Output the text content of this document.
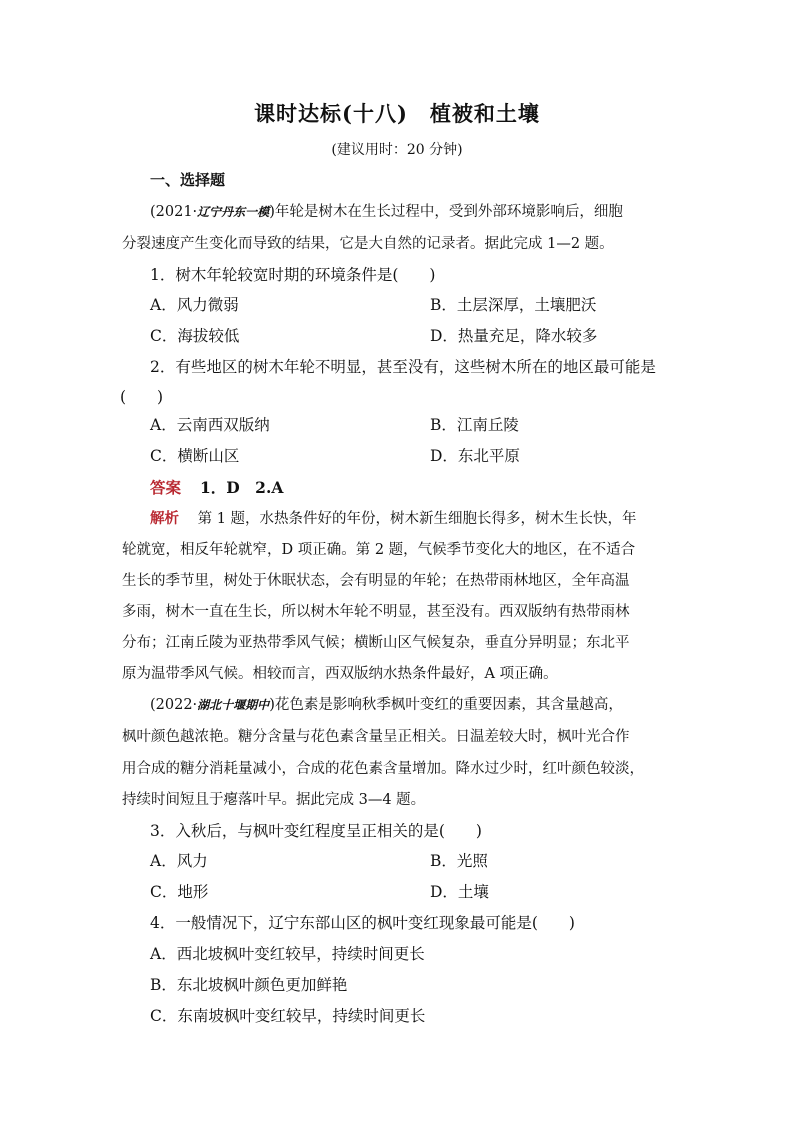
课时达标(十八)　植被和土壤
(建议用时：20 分钟)
一、选择题
(2021·辽宁丹东一模)年轮是树木在生长过程中，受到外部环境影响后，细胞
分裂速度产生变化而导致的结果，它是大自然的记录者。据此完成 1—2 题。
1．树木年轮较宽时期的环境条件是(　　)
A．风力微弱	B．土层深厚，土壤肥沃
C．海拔较低	D．热量充足，降水较多
2．有些地区的树木年轮不明显，甚至没有，这些树木所在的地区最可能是
(　　)
A．云南西双版纳	B．江南丘陵
C．横断山区	D．东北平原
答案 1．D　2.A
解析 第 1 题，水热条件好的年份，树木新生细胞长得多，树木生长快，年
轮就宽，相反年轮就窄，D 项正确。第 2 题，气候季节变化大的地区，在不适合
生长的季节里，树处于休眠状态，会有明显的年轮；在热带雨林地区，全年高温
多雨，树木一直在生长，所以树木年轮不明显，甚至没有。西双版纳有热带雨林
分布；江南丘陵为亚热带季风气候；横断山区气候复杂，垂直分异明显；东北平
原为温带季风气候。相较而言，西双版纳水热条件最好，A 项正确。
(2022·湖北十堰期中)花色素是影响秋季枫叶变红的重要因素，其含量越高，
枫叶颜色越浓艳。糖分含量与花色素含量呈正相关。日温差较大时，枫叶光合作
用合成的糖分消耗量减小，合成的花色素含量增加。降水过少时，红叶颜色较淡，
持续时间短且于瘪落叶早。据此完成 3—4 题。
3．入秋后，与枫叶变红程度呈正相关的是(　　)
A．风力	B．光照
C．地形	D．土壤
4．一般情况下，辽宁东部山区的枫叶变红现象最可能是(　　)
A．西北坡枫叶变红较早，持续时间更长
B．东北坡枫叶颜色更加鲜艳
C．东南坡枫叶变红较早，持续时间更长
